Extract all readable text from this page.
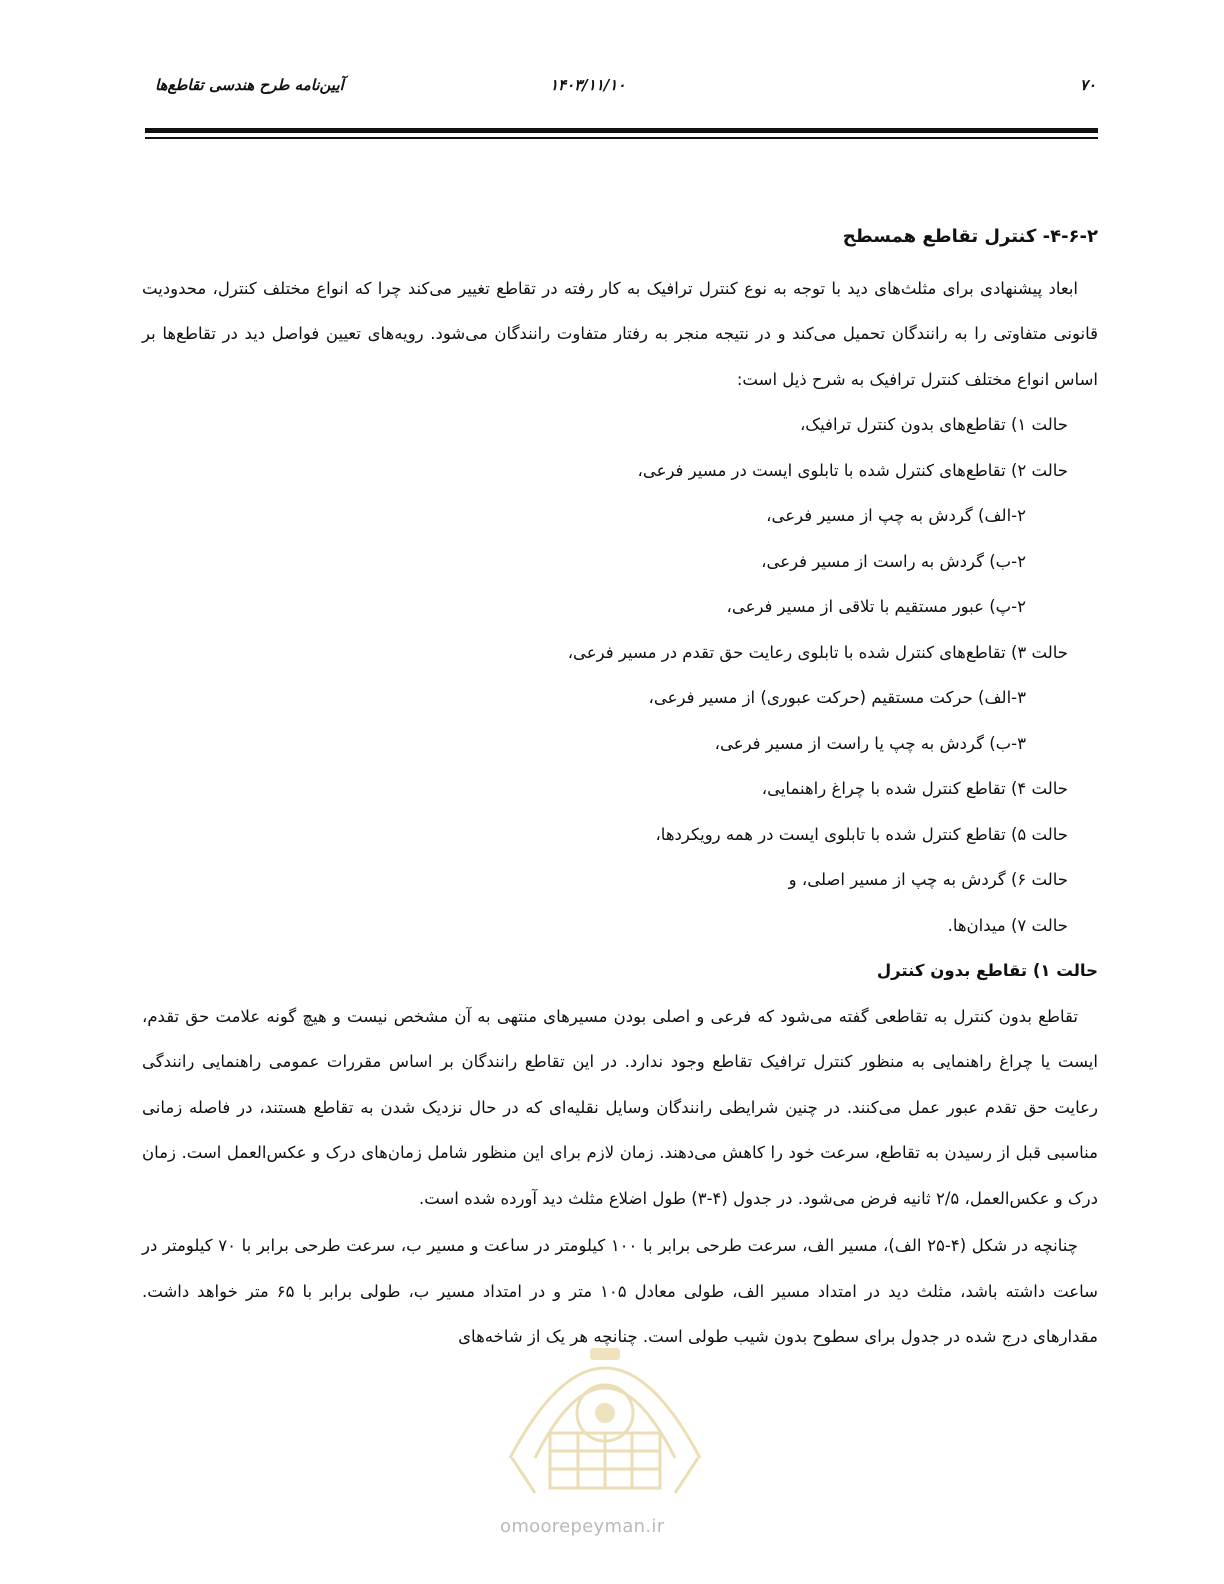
آیین‌نامه طرح هندسی تقاطع‌ها	۱۴۰۳/۱۱/۱۰	۷۰

۴-۶-۲- کنترل تقاطع همسطح

ابعاد پیشنهادی برای مثلث‌های دید با توجه به نوع کنترل ترافیک به کار رفته در تقاطع تغییر می‌کند چرا که انواع مختلف کنترل، محدودیت قانونی متفاوتی را به رانندگان تحمیل می‌کند و در نتیجه منجر به رفتار متفاوت رانندگان می‌شود. رویه‌های تعیین فواصل دید در تقاطع‌ها بر اساس انواع مختلف کنترل ترافیک به شرح ذیل است:

حالت ۱) تقاطع‌های بدون کنترل ترافیک،

حالت ۲) تقاطع‌های کنترل شده با تابلوی ایست در مسیر فرعی،

۲-الف) گردش به چپ از مسیر فرعی،

۲-ب) گردش به راست از مسیر فرعی،

۲-پ) عبور مستقیم با تلاقی از مسیر فرعی،

حالت ۳) تقاطع‌های کنترل شده با تابلوی رعایت حق تقدم در مسیر فرعی،

۳-الف) حرکت مستقیم (حرکت عبوری) از مسیر فرعی،

۳-ب) گردش به چپ یا راست از مسیر فرعی،

حالت ۴) تقاطع کنترل شده با چراغ راهنمایی،

حالت ۵) تقاطع کنترل شده با تابلوی ایست در همه رویکردها،

حالت ۶) گردش به چپ از مسیر اصلی، و

حالت ۷) میدان‌ها.

حالت ۱) تقاطع بدون کنترل

تقاطع بدون کنترل به تقاطعی گفته می‌شود که فرعی و اصلی بودن مسیرهای منتهی به آن مشخص نیست و هیچ گونه علامت حق تقدم، ایست یا چراغ راهنمایی به منظور کنترل ترافیک تقاطع وجود ندارد. در این تقاطع رانندگان بر اساس مقررات عمومی راهنمایی رانندگی رعایت حق تقدم عبور عمل می‌کنند. در چنین شرایطی رانندگان وسایل نقلیه‌ای که در حال نزدیک شدن به تقاطع هستند، در فاصله زمانی مناسبی قبل از رسیدن به تقاطع، سرعت خود را کاهش می‌دهند. زمان لازم برای این منظور شامل زمان‌های درک و عکس‌العمل است. زمان درک و عکس‌العمل، ۲/۵ ثانیه فرض می‌شود. در جدول (۴-۳) طول اضلاع مثلث دید آورده شده است.

چنانچه در شکل (۴-۲۵ الف)، مسیر الف، سرعت طرحی برابر با ۱۰۰ کیلومتر در ساعت و مسیر ب، سرعت طرحی برابر با ۷۰ کیلومتر در ساعت داشته باشد، مثلث دید در امتداد مسیر الف، طولی معادل ۱۰۵ متر و در امتداد مسیر ب، طولی برابر با ۶۵ متر خواهد داشت. مقدارهای درج شده در جدول برای سطوح بدون شیب طولی است. چنانچه هر یک از شاخه‌های

omoorepeyman.ir
